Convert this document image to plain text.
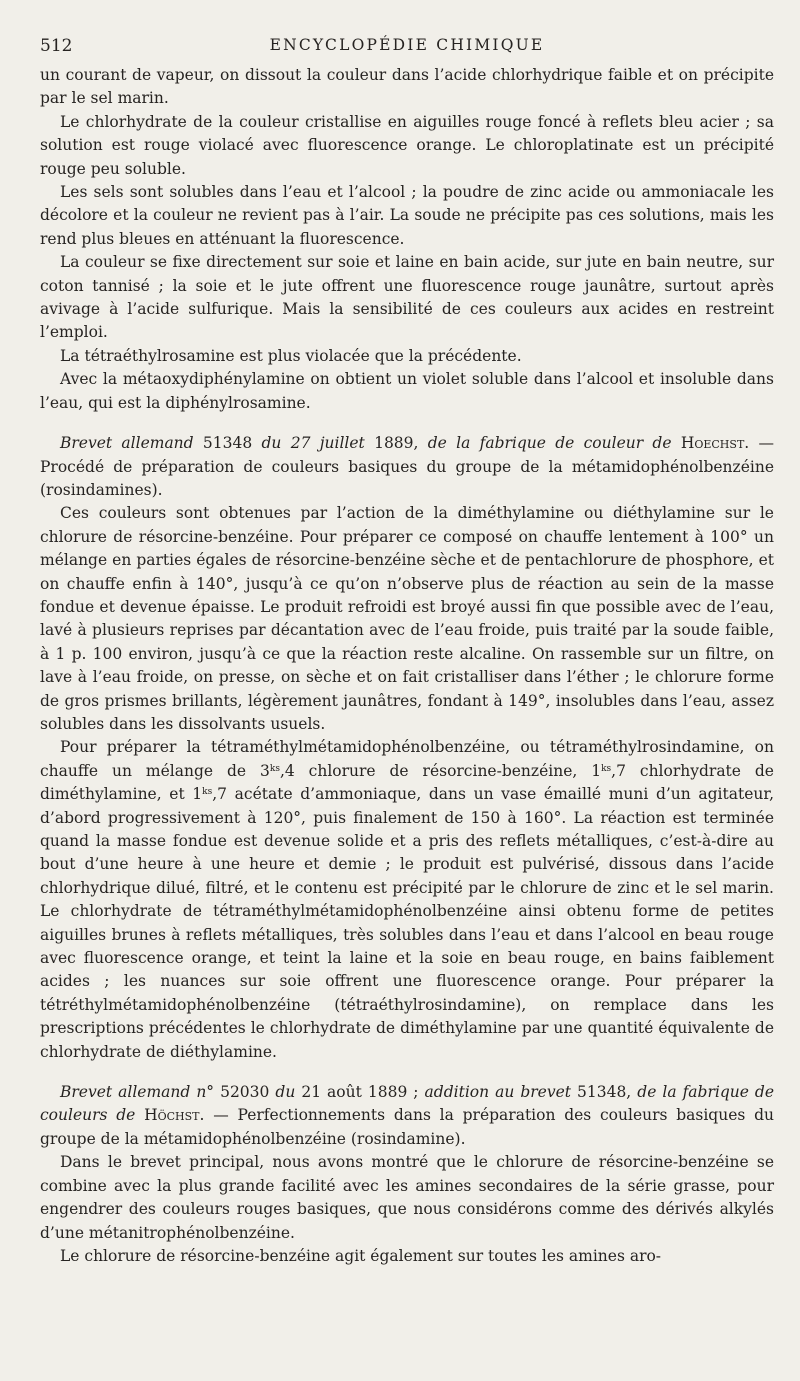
512	ENCYCLOPÉDIE CHIMIQUE

un courant de vapeur, on dissout la couleur dans l’acide chlorhydrique faible et on précipite par le sel marin.

Le chlorhydrate de la couleur cristallise en aiguilles rouge foncé à reflets bleu acier ; sa solution est rouge violacé avec fluorescence orange. Le chloroplatinate est un précipité rouge peu soluble.

Les sels sont solubles dans l’eau et l’alcool ; la poudre de zinc acide ou ammoniacale les décolore et la couleur ne revient pas à l’air. La soude ne précipite pas ces solutions, mais les rend plus bleues en atténuant la fluorescence.

La couleur se fixe directement sur soie et laine en bain acide, sur jute en bain neutre, sur coton tannisé ; la soie et le jute offrent une fluorescence rouge jaunâtre, surtout après avivage à l’acide sulfurique. Mais la sensibilité de ces couleurs aux acides en restreint l’emploi.

La tétraéthylrosamine est plus violacée que la précédente.

Avec la métaoxydiphénylamine on obtient un violet soluble dans l’alcool et insoluble dans l’eau, qui est la diphénylrosamine.

Brevet allemand 51348 du 27 juillet 1889, de la fabrique de couleur de Hoechst. — Procédé de préparation de couleurs basiques du groupe de la métamidophénolbenzéine (rosindamines).

Ces couleurs sont obtenues par l’action de la diméthylamine ou diéthylamine sur le chlorure de résorcine-benzéine. Pour préparer ce composé on chauffe lentement à 100° un mélange en parties égales de résorcine-benzéine sèche et de pentachlorure de phosphore, et on chauffe enfin à 140°, jusqu’à ce qu’on n’observe plus de réaction au sein de la masse fondue et devenue épaisse. Le produit refroidi est broyé aussi fin que possible avec de l’eau, lavé à plusieurs reprises par décantation avec de l’eau froide, puis traité par la soude faible, à 1 p. 100 environ, jusqu’à ce que la réaction reste alcaline. On rassemble sur un filtre, on lave à l’eau froide, on presse, on sèche et on fait cristalliser dans l’éther ; le chlorure forme de gros prismes brillants, légèrement jaunâtres, fondant à 149°, insolubles dans l’eau, assez solubles dans les dissolvants usuels.

Pour préparer la tétraméthylmétamidophénolbenzéine, ou tétraméthylrosindamine, on chauffe un mélange de $3^{ks},4$ chlorure de résorcine-benzéine, $1^{ks},7$ chlorhydrate de diméthylamine, et $1^{ks},7$ acétate d’ammoniaque, dans un vase émaillé muni d’un agitateur, d’abord progressivement à 120°, puis finalement de 150 à 160°. La réaction est terminée quand la masse fondue est devenue solide et a pris des reflets métalliques, c’est-à-dire au bout d’une heure à une heure et demie ; le produit est pulvérisé, dissous dans l’acide chlorhydrique dilué, filtré, et le contenu est précipité par le chlorure de zinc et le sel marin. Le chlorhydrate de tétraméthylmétamidophénolbenzéine ainsi obtenu forme de petites aiguilles brunes à reflets métalliques, très solubles dans l’eau et dans l’alcool en beau rouge avec fluorescence orange, et teint la laine et la soie en beau rouge, en bains faiblement acides ; les nuances sur soie offrent une fluorescence orange. Pour préparer la tétréthylmétamidophénolbenzéine (tétraéthylrosindamine), on remplace dans les prescriptions précédentes le chlorhydrate de diméthylamine par une quantité équivalente de chlorhydrate de diéthylamine.

Brevet allemand n° 52030 du 21 août 1889 ; addition au brevet 51348, de la fabrique de couleurs de Höchst. — Perfectionnements dans la préparation des couleurs basiques du groupe de la métamidophénolbenzéine (rosindamine).

Dans le brevet principal, nous avons montré que le chlorure de résorcine-benzéine se combine avec la plus grande facilité avec les amines secondaires de la série grasse, pour engendrer des couleurs rouges basiques, que nous considérons comme des dérivés alkylés d’une métanitrophénolbenzéine.

Le chlorure de résorcine-benzéine agit également sur toutes les amines aro-
